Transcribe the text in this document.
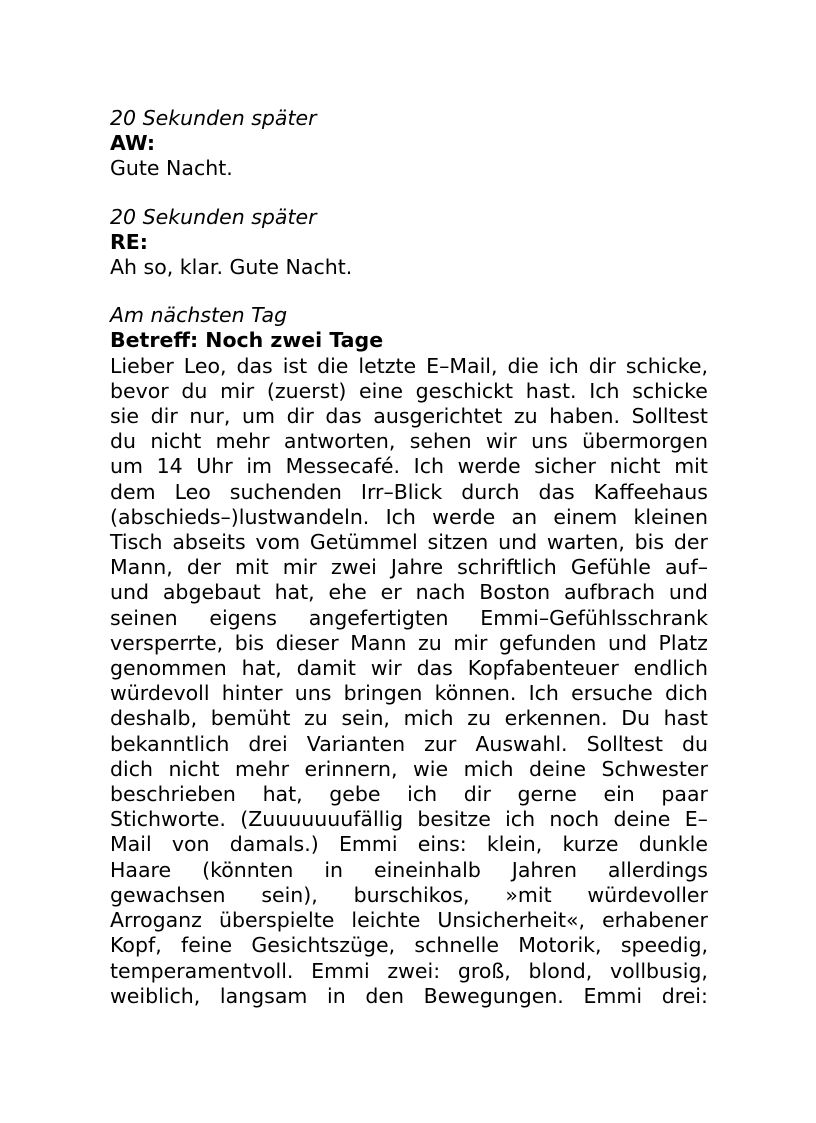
20 Sekunden später
AW:
Gute Nacht.
20 Sekunden später
RE:
Ah so, klar. Gute Nacht.
Am nächsten Tag
Betreff: Noch zwei Tage
Lieber Leo, das ist die letzte E–Mail, die ich dir schicke,
bevor du mir (zuerst) eine geschickt hast. Ich schicke
sie dir nur, um dir das ausgerichtet zu haben. Solltest
du nicht mehr antworten, sehen wir uns übermorgen
um 14 Uhr im Messecafé. Ich werde sicher nicht mit
dem Leo suchenden Irr–Blick durch das Kaffeehaus
(abschieds–)lustwandeln. Ich werde an einem kleinen
Tisch abseits vom Getümmel sitzen und warten, bis der
Mann, der mit mir zwei Jahre schriftlich Gefühle auf–
und abgebaut hat, ehe er nach Boston aufbrach und
seinen eigens angefertigten Emmi–Gefühlsschrank
versperrte, bis dieser Mann zu mir gefunden und Platz
genommen hat, damit wir das Kopfabenteuer endlich
würdevoll hinter uns bringen können. Ich ersuche dich
deshalb, bemüht zu sein, mich zu erkennen. Du hast
bekanntlich drei Varianten zur Auswahl. Solltest du
dich nicht mehr erinnern, wie mich deine Schwester
beschrieben hat, gebe ich dir gerne ein paar
Stichworte. (Zuuuuuuufällig besitze ich noch deine E–
Mail von damals.) Emmi eins: klein, kurze dunkle
Haare (könnten in eineinhalb Jahren allerdings
gewachsen sein), burschikos, »mit würdevoller
Arroganz überspielte leichte Unsicherheit«, erhabener
Kopf, feine Gesichtszüge, schnelle Motorik, speedig,
temperamentvoll. Emmi zwei: groß, blond, vollbusig,
weiblich, langsam in den Bewegungen. Emmi drei:
